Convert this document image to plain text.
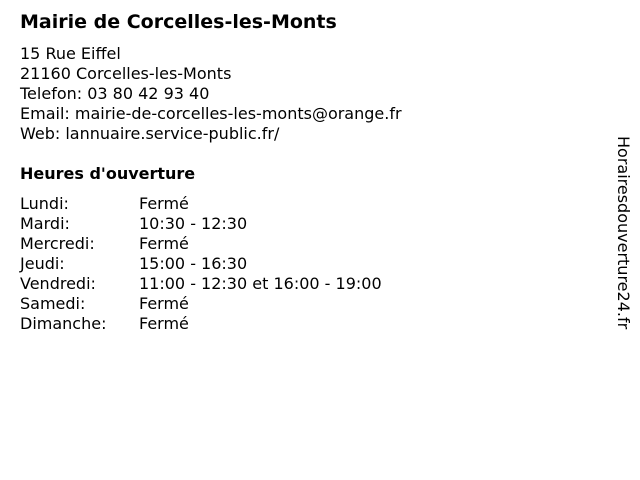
Mairie de Corcelles-les-Monts
15 Rue Eiffel
21160 Corcelles-les-Monts
Telefon: 03 80 42 93 40
Email: mairie-de-corcelles-les-monts@orange.fr
Web: lannuaire.service-public.fr/
Heures d'ouverture
Lundi:	Fermé
Mardi:	10:30 - 12:30
Mercredi:	Fermé
Jeudi:	15:00 - 16:30
Vendredi:	11:00 - 12:30 et 16:00 - 19:00
Samedi:	Fermé
Dimanche:	Fermé	Horairesdouverture24.fr
